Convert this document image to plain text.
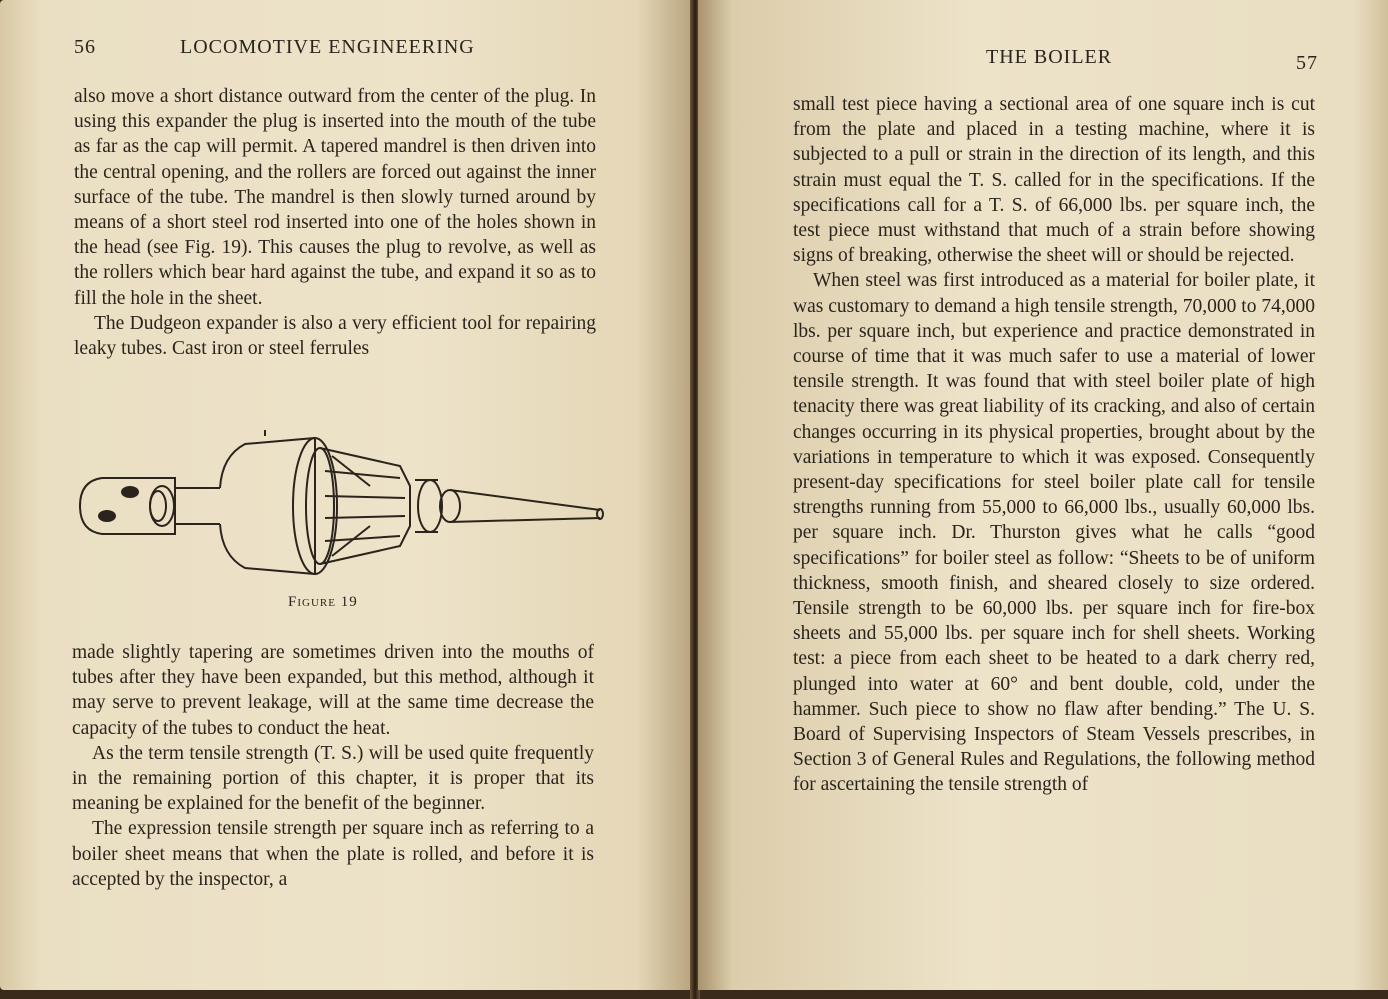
56	LOCOMOTIVE ENGINEERING

also move a short distance outward from the center of the plug. In using this expander the plug is inserted into the mouth of the tube as far as the cap will permit. A tapered mandrel is then driven into the central opening, and the rollers are forced out against the inner surface of the tube. The mandrel is then slowly turned around by means of a short steel rod inserted into one of the holes shown in the head (see Fig. 19). This causes the plug to revolve, as well as the rollers which bear hard against the tube, and expand it so as to fill the hole in the sheet.

The Dudgeon expander is also a very efficient tool for repairing leaky tubes. Cast iron or steel ferrules

Figure 19

made slightly tapering are sometimes driven into the mouths of tubes after they have been expanded, but this method, although it may serve to prevent leakage, will at the same time decrease the capacity of the tubes to conduct the heat.

As the term tensile strength (T. S.) will be used quite frequently in the remaining portion of this chapter, it is proper that its meaning be explained for the benefit of the beginner.

The expression tensile strength per square inch as referring to a boiler sheet means that when the plate is rolled, and before it is accepted by the inspector, a

THE BOILER	57

small test piece having a sectional area of one square inch is cut from the plate and placed in a testing machine, where it is subjected to a pull or strain in the direction of its length, and this strain must equal the T. S. called for in the specifications. If the specifications call for a T. S. of 66,000 lbs. per square inch, the test piece must withstand that much of a strain before showing signs of breaking, otherwise the sheet will or should be rejected.

When steel was first introduced as a material for boiler plate, it was customary to demand a high tensile strength, 70,000 to 74,000 lbs. per square inch, but experience and practice demonstrated in course of time that it was much safer to use a material of lower tensile strength. It was found that with steel boiler plate of high tenacity there was great liability of its cracking, and also of certain changes occurring in its physical properties, brought about by the variations in temperature to which it was exposed. Consequently present-day specifications for steel boiler plate call for tensile strengths running from 55,000 to 66,000 lbs., usually 60,000 lbs. per square inch. Dr. Thurston gives what he calls “good specifications” for boiler steel as follow: “Sheets to be of uniform thickness, smooth finish, and sheared closely to size ordered. Tensile strength to be 60,000 lbs. per square inch for fire-box sheets and 55,000 lbs. per square inch for shell sheets. Working test: a piece from each sheet to be heated to a dark cherry red, plunged into water at 60° and bent double, cold, under the hammer. Such piece to show no flaw after bending.” The U. S. Board of Supervising Inspectors of Steam Vessels prescribes, in Section 3 of General Rules and Regulations, the following method for ascertaining the tensile strength of
